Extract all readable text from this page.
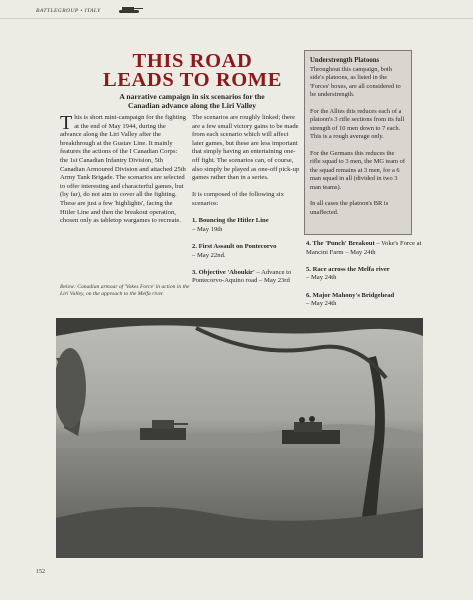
BATTLEGROUP • ITALY
THIS ROAD
LEADS TO ROME
A narrative campaign in six scenarios for the
Canadian advance along the Liri Valley

This is short mini-campaign for the fighting at the end of May 1944, during the advance along the Liri Valley after the breakthrough at the Gustav Line. It mainly features the actions of the I Canadian Corps: the 1st Canadian Infantry Division, 5th Canadian Armoured Division and attached 25th Army Tank Brigade. The scenarios are selected to offer interesting and characterful games, but (by far), do not aim to cover all the fighting. These are just a few 'highlights', facing the Hitler Line and then the breakout operation, chosen only as tabletop wargames to recreate.

The scenarios are roughly linked; there are a few small victory gains to be made from each scenario which will affect later games, but these are less important that simply having an entertaining one-off fight. The scenarios can, of course, also simply be played as one-off pick-up games rather than in a series.

It is composed of the following six scenarios:

1. Bouncing the Hitler Line
– May 19th

2. First Assault on Pontecorvo
– May 22nd.

3. Objective 'Aboukir' – Advance to Pontecorvo-Aquino road – May 23rd

Below: Canadian armour of 'Vokes Force' in action in the Liri Valley, on the approach to the Melfa river.
Understrength Platoons

Throughout this campaign, both side's platoons, as listed in the 'Forces' boxes, are all considered to be understrength.

For the Allies this reduces each of a platoon's 3 rifle sections from its full strength of 10 men down to 7 each. This is a rough average only.

For the Germans this reduces the rifle squad to 3 men, the MG team of the squad remains at 3 men, for a 6 man squad in all (divided in two 3 man teams).

In all cases the platoon's BR is unaffected.

4. The 'Punch' Breakout – Voke's Force at Mancini Farm – May 24th
5. Race across the Melfa river
– May 24th
6. Major Mahony's Bridgehead
– May 24th
152
